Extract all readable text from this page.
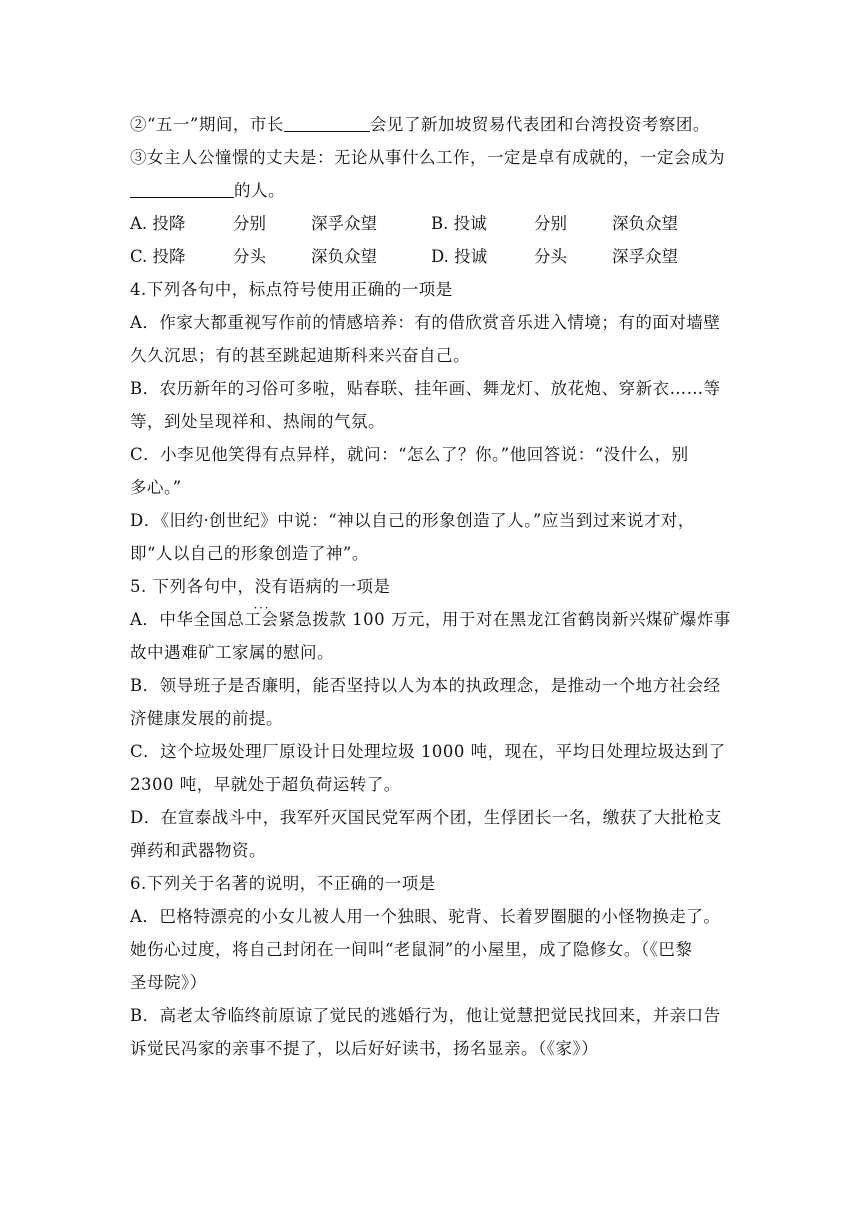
②“五一”期间，市长	会见了新加坡贸易代表团和台湾投资考察团。
③女主人公憧憬的丈夫是：无论从事什么工作，一定是卓有成就的，一定会成为
的人。
A. 投降	分别	深孚众望	B. 投诚	分别	深负众望
C. 投降	分头	深负众望	D. 投诚	分头	深孚众望
4.下列各句中，标点符号使用正确的一项是
A．作家大都重视写作前的情感培养：有的借欣赏音乐进入情境；有的面对墙壁
久久沉思；有的甚至跳起迪斯科来兴奋自己。
B．农历新年的习俗可多啦，贴春联、挂年画、舞龙灯、放花炮、穿新衣……等
等，到处呈现祥和、热闹的气氛。
C．小李见他笑得有点异样，就问：“怎么了？你。”他回答说：“没什么，别
多心。”
D．《旧约·创世纪》中说：“神以自己的形象创造了人。”应当到过来说才对，
即“人以自己的形象创造了神”。
5. 下列各句中，没有 · · ·语病的一项是
A．中华全国总工会紧急拨款 100 万元，用于对在黑龙江省鹤岗新兴煤矿爆炸事
故中遇难矿工家属的慰问。
B．领导班子是否廉明，能否坚持以人为本的执政理念，是推动一个地方社会经
济健康发展的前提。
C．这个垃圾处理厂原设计日处理垃圾 1000 吨，现在，平均日处理垃圾达到了
2300 吨，早就处于超负荷运转了。
D．在宣泰战斗中，我军歼灭国民党军两个团，生俘团长一名，缴获了大批枪支
弹药和武器物资。
6.下列关于名著的说明，不正确的一项是
A．巴格特漂亮的小女儿被人用一个独眼、驼背、长着罗圈腿的小怪物换走了。
她伤心过度，将自己封闭在一间叫“老鼠洞”的小屋里，成了隐修女。（《巴黎
圣母院》）
B．高老太爷临终前原谅了觉民的逃婚行为，他让觉慧把觉民找回来，并亲口告
诉觉民冯家的亲事不提了，以后好好读书，扬名显亲。（《家》）
